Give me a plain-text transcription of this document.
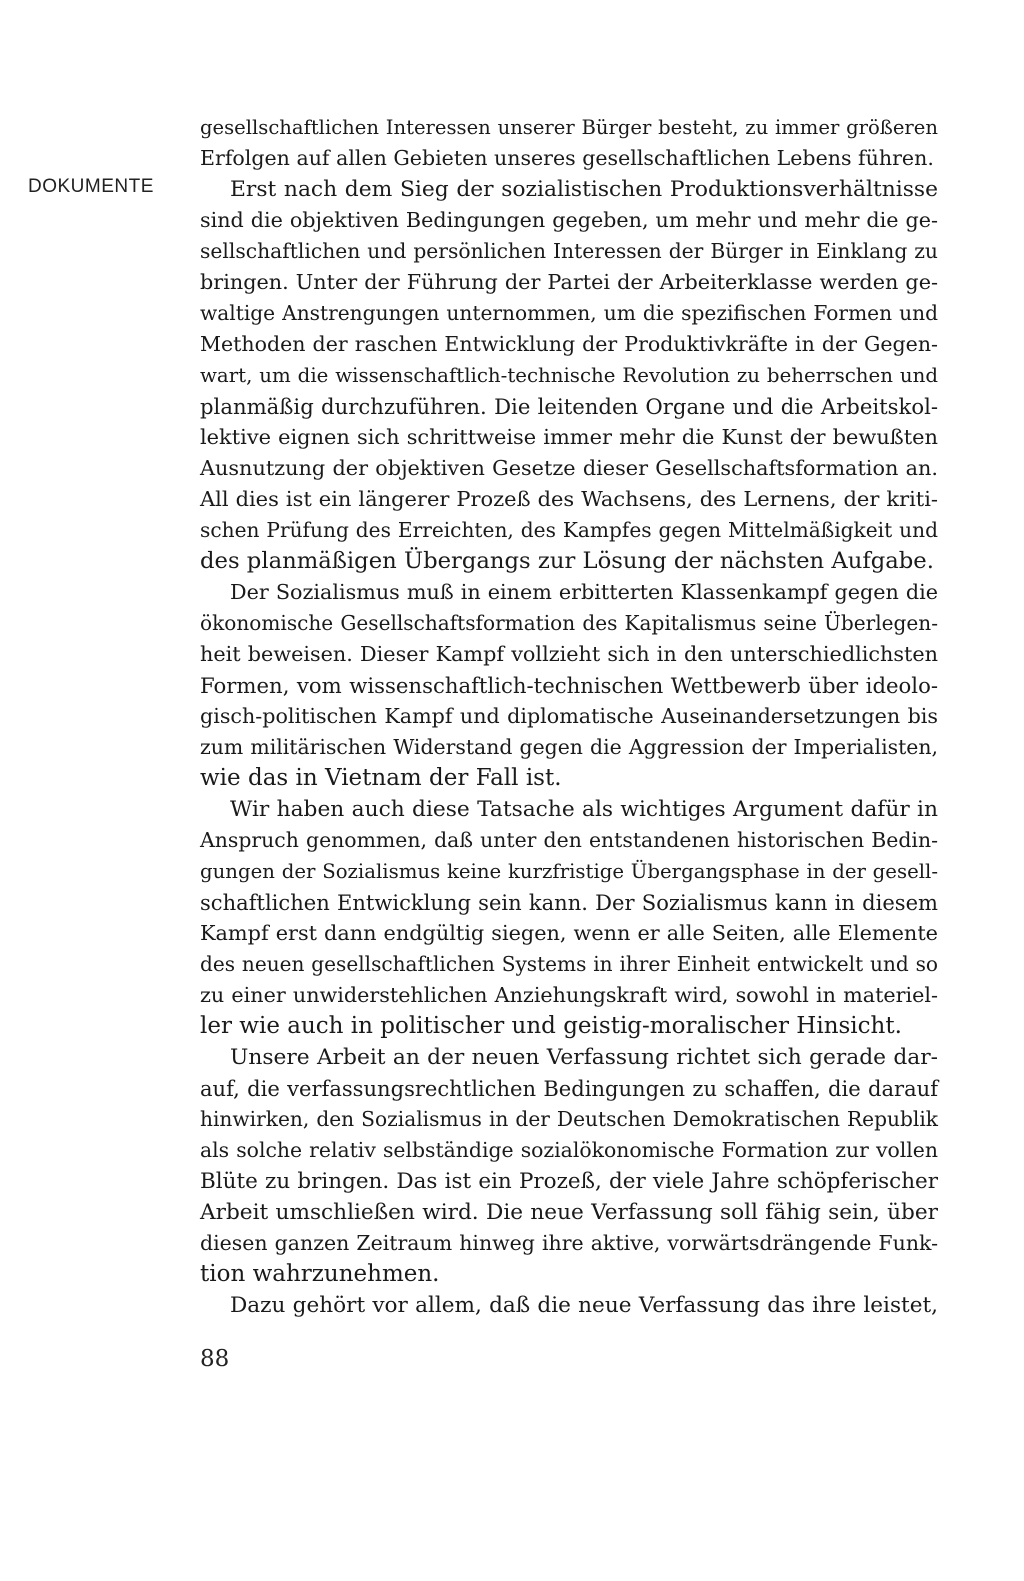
DOKUMENTE
gesellschaftlichen Interessen unserer Bürger besteht, zu immer größeren
Erfolgen auf allen Gebieten unseres gesellschaftlichen Lebens führen.
Erst nach dem Sieg der sozialistischen Produktionsverhältnisse
sind die objektiven Bedingungen gegeben, um mehr und mehr die ge-
sellschaftlichen und persönlichen Interessen der Bürger in Einklang zu
bringen. Unter der Führung der Partei der Arbeiterklasse werden ge-
waltige Anstrengungen unternommen, um die spezifischen Formen und
Methoden der raschen Entwicklung der Produktivkräfte in der Gegen-
wart, um die wissenschaftlich-technische Revolution zu beherrschen und
planmäßig durchzuführen. Die leitenden Organe und die Arbeitskol-
lektive eignen sich schrittweise immer mehr die Kunst der bewußten
Ausnutzung der objektiven Gesetze dieser Gesellschaftsformation an.
All dies ist ein längerer Prozeß des Wachsens, des Lernens, der kriti-
schen Prüfung des Erreichten, des Kampfes gegen Mittelmäßigkeit und
des planmäßigen Übergangs zur Lösung der nächsten Aufgabe.
Der Sozialismus muß in einem erbitterten Klassenkampf gegen die
ökonomische Gesellschaftsformation des Kapitalismus seine Überlegen-
heit beweisen. Dieser Kampf vollzieht sich in den unterschiedlichsten
Formen, vom wissenschaftlich-technischen Wettbewerb über ideolo-
gisch-politischen Kampf und diplomatische Auseinandersetzungen bis
zum militärischen Widerstand gegen die Aggression der Imperialisten,
wie das in Vietnam der Fall ist.
Wir haben auch diese Tatsache als wichtiges Argument dafür in
Anspruch genommen, daß unter den entstandenen historischen Bedin-
gungen der Sozialismus keine kurzfristige Übergangsphase in der gesell-
schaftlichen Entwicklung sein kann. Der Sozialismus kann in diesem
Kampf erst dann endgültig siegen, wenn er alle Seiten, alle Elemente
des neuen gesellschaftlichen Systems in ihrer Einheit entwickelt und so
zu einer unwiderstehlichen Anziehungskraft wird, sowohl in materiel-
ler wie auch in politischer und geistig-moralischer Hinsicht.
Unsere Arbeit an der neuen Verfassung richtet sich gerade dar-
auf, die verfassungsrechtlichen Bedingungen zu schaffen, die darauf
hinwirken, den Sozialismus in der Deutschen Demokratischen Republik
als solche relativ selbständige sozialökonomische Formation zur vollen
Blüte zu bringen. Das ist ein Prozeß, der viele Jahre schöpferischer
Arbeit umschließen wird. Die neue Verfassung soll fähig sein, über
diesen ganzen Zeitraum hinweg ihre aktive, vorwärtsdrängende Funk-
tion wahrzunehmen.
Dazu gehört vor allem, daß die neue Verfassung das ihre leistet,
88
